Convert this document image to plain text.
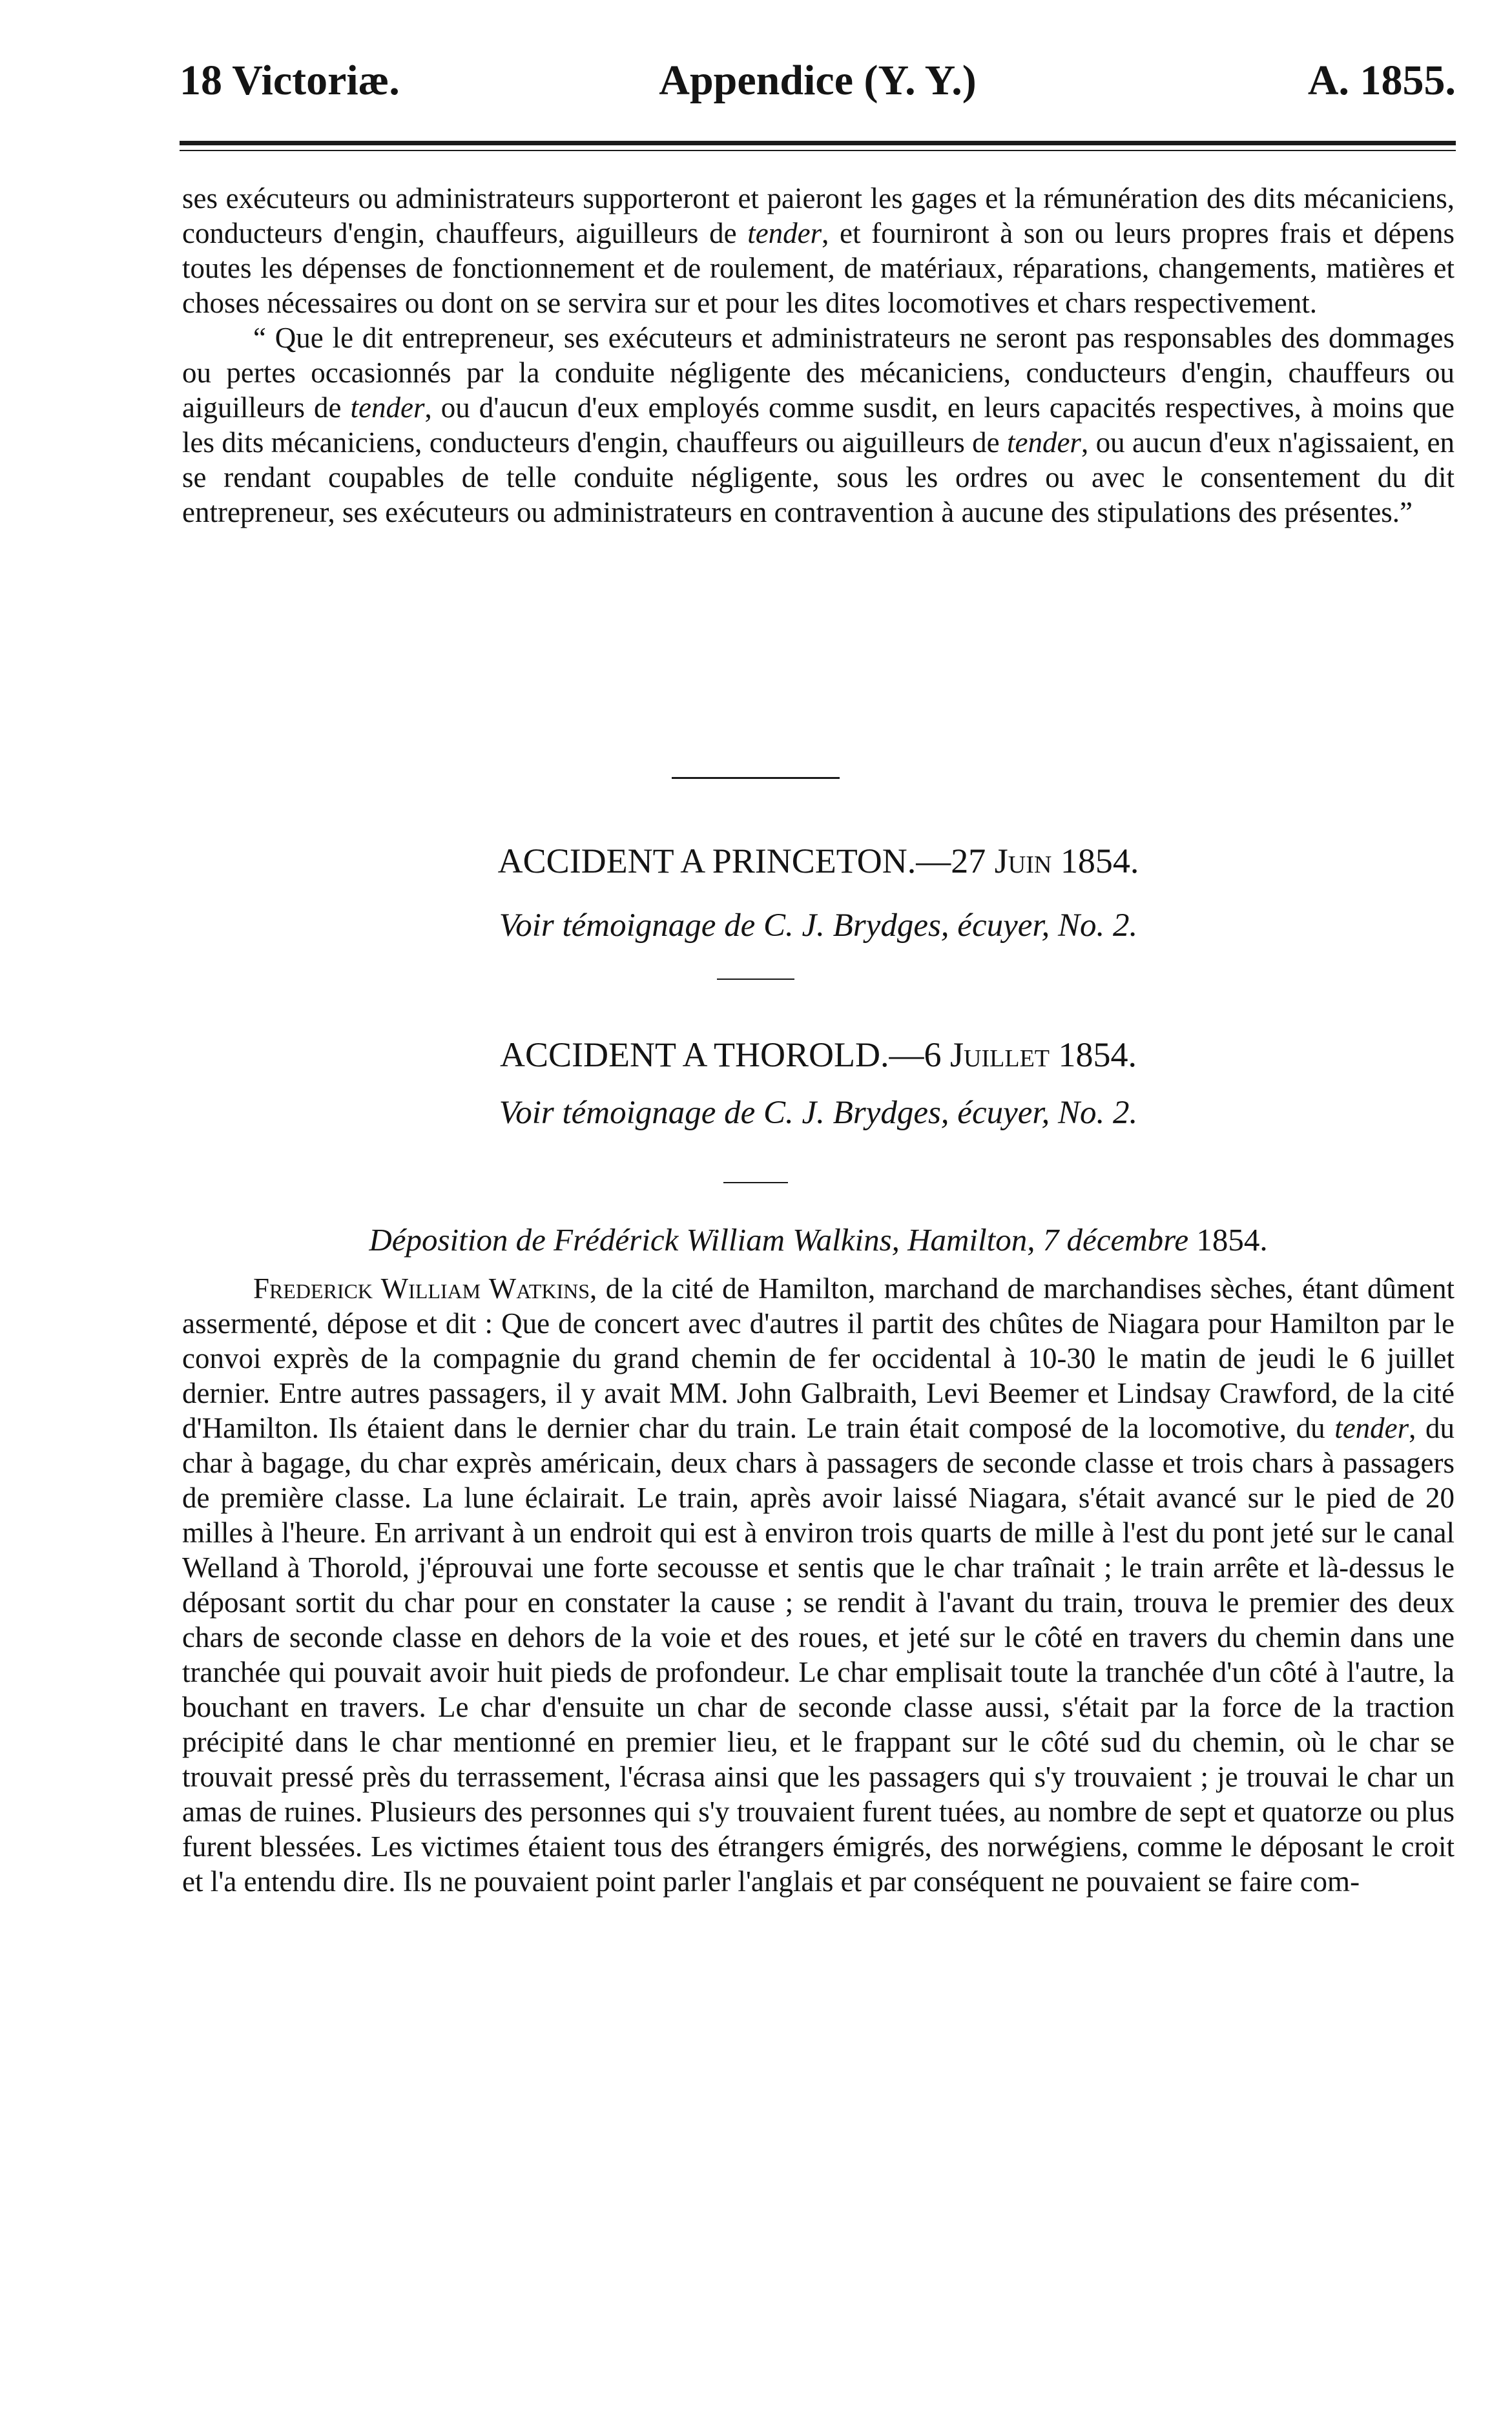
18 Victoriæ.	Appendice (Y. Y.)	A. 1855.

ses exécuteurs ou administrateurs supporteront et paieront les gages et la rémunération des dits mécaniciens, conducteurs d'engin, chauffeurs, aiguilleurs de tender, et fourniront à son ou leurs propres frais et dépens toutes les dépenses de fonctionnement et de roulement, de matériaux, réparations, changements, matières et choses nécessaires ou dont on se servira sur et pour les dites locomotives et chars respectivement.

“ Que le dit entrepreneur, ses exécuteurs et administrateurs ne seront pas responsables des dommages ou pertes occasionnés par la conduite négligente des mécaniciens, conducteurs d'engin, chauffeurs ou aiguilleurs de tender, ou d'aucun d'eux employés comme susdit, en leurs capacités respectives, à moins que les dits mécaniciens, conducteurs d'engin, chauffeurs ou aiguilleurs de tender, ou aucun d'eux n'agissaient, en se rendant coupables de telle conduite négligente, sous les ordres ou avec le consentement du dit entrepreneur, ses exécuteurs ou administrateurs en contravention à aucune des stipulations des présentes.”

ACCIDENT A PRINCETON.—27 Juin 1854.
Voir témoignage de C. J. Brydges, écuyer, No. 2.
ACCIDENT A THOROLD.—6 Juillet 1854.
Voir témoignage de C. J. Brydges, écuyer, No. 2.
Déposition de Frédérick William Walkins, Hamilton, 7 décembre 1854.

Frederick William Watkins, de la cité de Hamilton, marchand de marchandises sèches, étant dûment assermenté, dépose et dit : Que de concert avec d'autres il partit des chûtes de Niagara pour Hamilton par le convoi exprès de la compagnie du grand chemin de fer occidental à 10-30 le matin de jeudi le 6 juillet dernier. Entre autres passagers, il y avait MM. John Galbraith, Levi Beemer et Lindsay Crawford, de la cité d'Hamilton. Ils étaient dans le dernier char du train. Le train était composé de la locomotive, du tender, du char à bagage, du char exprès américain, deux chars à passagers de seconde classe et trois chars à passagers de première classe. La lune éclairait. Le train, après avoir laissé Niagara, s'était avancé sur le pied de 20 milles à l'heure. En arrivant à un endroit qui est à environ trois quarts de mille à l'est du pont jeté sur le canal Welland à Thorold, j'éprouvai une forte secousse et sentis que le char traînait ; le train arrête et là-dessus le déposant sortit du char pour en constater la cause ; se rendit à l'avant du train, trouva le premier des deux chars de seconde classe en dehors de la voie et des roues, et jeté sur le côté en travers du chemin dans une tranchée qui pouvait avoir huit pieds de profondeur. Le char emplisait toute la tranchée d'un côté à l'autre, la bouchant en travers. Le char d'ensuite un char de seconde classe aussi, s'était par la force de la traction précipité dans le char mentionné en premier lieu, et le frappant sur le côté sud du chemin, où le char se trouvait pressé près du terrassement, l'écrasa ainsi que les passagers qui s'y trouvaient ; je trouvai le char un amas de ruines. Plusieurs des personnes qui s'y trouvaient furent tuées, au nombre de sept et quatorze ou plus furent blessées. Les victimes étaient tous des étrangers émigrés, des norwégiens, comme le déposant le croit et l'a entendu dire. Ils ne pouvaient point parler l'anglais et par conséquent ne pouvaient se faire com-
